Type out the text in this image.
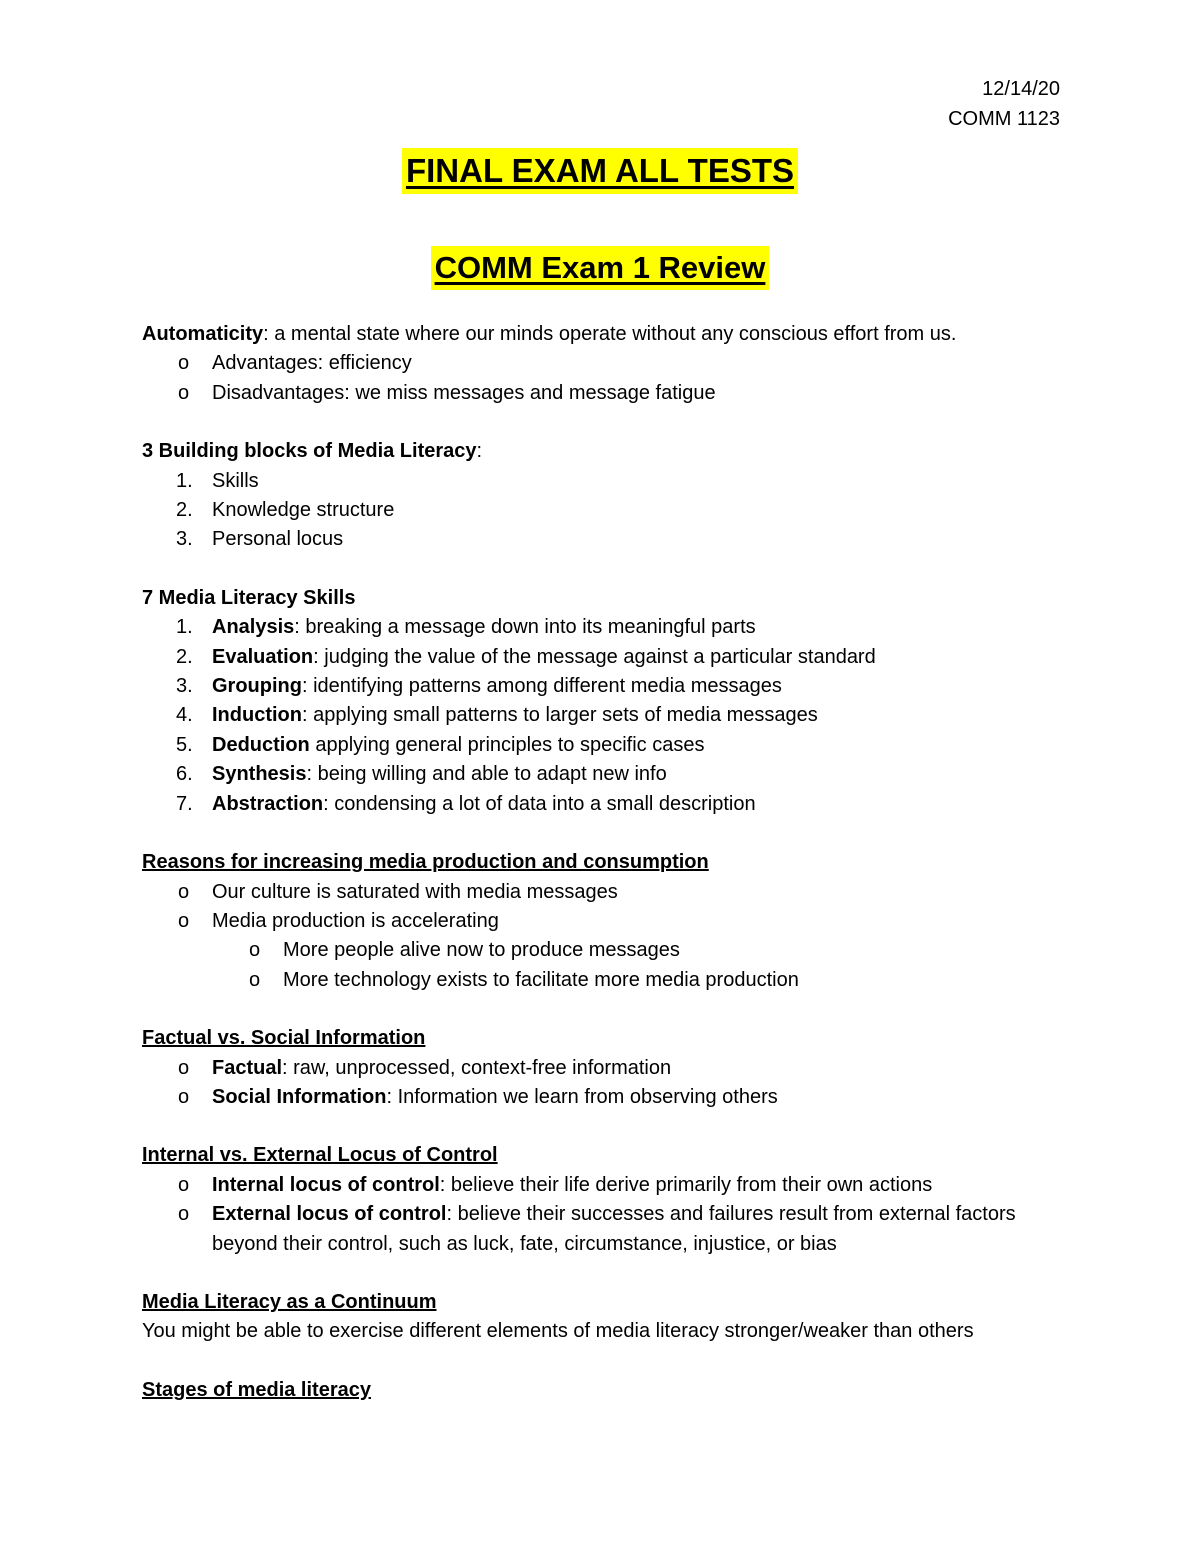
12/14/20
COMM 1123
FINAL EXAM ALL TESTS
COMM Exam 1 Review

Automaticity: a mental state where our minds operate without any conscious effort from us.

o Advantages: efficiency
o Disadvantages: we miss messages and message fatigue

3 Building blocks of Media Literacy:

1. Skills
2. Knowledge structure
3. Personal locus

7 Media Literacy Skills

1. Analysis: breaking a message down into its meaningful parts
2. Evaluation: judging the value of the message against a particular standard
3. Grouping: identifying patterns among different media messages
4. Induction: applying small patterns to larger sets of media messages
5. Deduction applying general principles to specific cases
6. Synthesis: being willing and able to adapt new info
7. Abstraction: condensing a lot of data into a small description

Reasons for increasing media production and consumption

o Our culture is saturated with media messages
o Media production is accelerating
o More people alive now to produce messages
o More technology exists to facilitate more media production

Factual vs. Social Information

o Factual: raw, unprocessed, context-free information
o Social Information: Information we learn from observing others

Internal vs. External Locus of Control

o Internal locus of control: believe their life derive primarily from their own actions
o External locus of control: believe their successes and failures result from external factors beyond their control, such as luck, fate, circumstance, injustice, or bias

Media Literacy as a Continuum

You might be able to exercise different elements of media literacy stronger/weaker than others

Stages of media literacy
